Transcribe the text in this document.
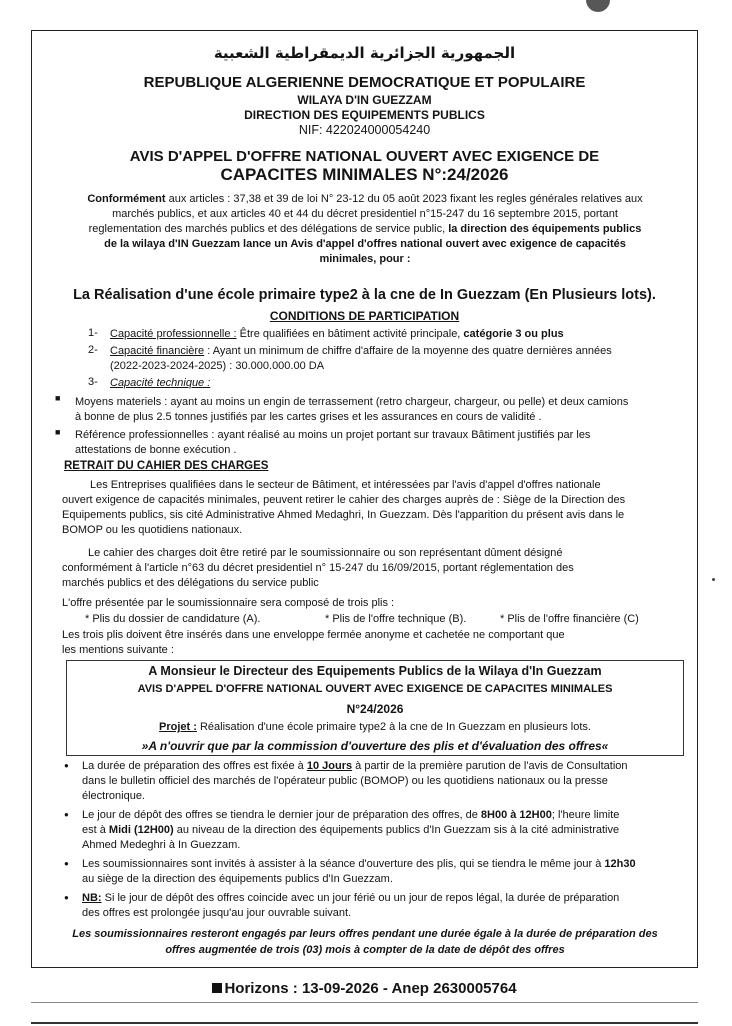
الجمهورية الجزائرية الديمقراطية الشعبية
REPUBLIQUE ALGERIENNE DEMOCRATIQUE ET POPULAIRE
WILAYA D'IN GUEZZAM
DIRECTION DES EQUIPEMENTS PUBLICS
NIF: 422024000054240
AVIS D'APPEL D'OFFRE NATIONAL OUVERT AVEC EXIGENCE DE
CAPACITES MINIMALES N°:24/2026
Conformément aux articles : 37,38 et 39 de loi N° 23-12 du 05 août 2023 fixant les regles générales relatives aux
marchés publics, et aux articles 40 et 44 du décret presidentiel n°15-247 du 16 septembre 2015, portant
reglementation des marchés publics et des délégations de service public, la direction des équipements publics
de la wilaya d'IN Guezzam lance un Avis d'appel d'offres national ouvert avec exigence de capacités
minimales, pour :
La Réalisation d'une école primaire type2 à la cne de In Guezzam (En Plusieurs lots).
CONDITIONS DE PARTICIPATION
1- Capacité professionnelle : Être qualifiées en bâtiment activité principale, catégorie 3 ou plus
2- Capacité financière : Ayant un minimum de chiffre d'affaire de la moyenne des quatre dernières années
(2022-2023-2024-2025) : 30.000.000.00 DA
3- Capacité technique :
■ Moyens materiels : ayant au moins un engin de terrassement (retro chargeur, chargeur, ou pelle) et deux camions
à bonne de plus 2.5 tonnes justifiés par les cartes grises et les assurances en cours de validité .
■ Référence professionnelles : ayant réalisé au moins un projet portant sur travaux Bâtiment justifiés par les
attestations de bonne exécution .
RETRAIT DU CAHIER DES CHARGES
Les Entreprises qualifiées dans le secteur de Bâtiment, et intéressées par l'avis d'appel d'offres nationale
ouvert exigence de capacités minimales, peuvent retirer le cahier des charges auprès de : Siège de la Direction des
Equipements publics, sis cité Administrative Ahmed Medaghri, In Guezzam. Dès l'apparition du présent avis dans le
BOMOP ou les quotidiens nationaux.
Le cahier des charges doit être retiré par le soumissionnaire ou son représentant dûment désigné
conformément à l'article n°63 du décret presidentiel n° 15-247 du 16/09/2015, portant réglementation des
marchés publics et des délégations du service public
L'offre présentée par le soumissionnaire sera composé de trois plis :
* Plis du dossier de candidature (A).	* Plis de l'offre technique (B).	* Plis de l'offre financière (C)
Les trois plis doivent être insérés dans une enveloppe fermée anonyme et cachetée ne comportant que
les mentions suivante :
A Monsieur le Directeur des Equipements Publics de la Wilaya d'In Guezzam
AVIS D'APPEL D'OFFRE NATIONAL OUVERT AVEC EXIGENCE DE CAPACITES MINIMALES
N°24/2026
Projet : Réalisation d'une école primaire type2 à la cne de In Guezzam en plusieurs lots.
»A n'ouvrir que par la commission d'ouverture des plis et d'évaluation des offres«
● La durée de préparation des offres est fixée à 10 Jours à partir de la première parution de l'avis de Consultation
dans le bulletin officiel des marchés de l'opérateur public (BOMOP) ou les quotidiens nationaux ou la presse
électronique.
● Le jour de dépôt des offres se tiendra le dernier jour de préparation des offres, de 8H00 à 12H00; l'heure limite
est à Midi (12H00) au niveau de la direction des équipements publics d'In Guezzam sis à la cité administrative
Ahmed Medeghri à In Guezzam.
● Les soumissionnaires sont invités à assister à la séance d'ouverture des plis, qui se tiendra le même jour à 12h30
au siège de la direction des équipements publics d'In Guezzam.
● NB: Si le jour de dépôt des offres coincide avec un jour férié ou un jour de repos légal, la durée de préparation
des offres est prolongée jusqu'au jour ouvrable suivant.
Les soumissionnaires resteront engagés par leurs offres pendant une durée égale à la durée de préparation des
offres augmentée de trois (03) mois à compter de la date de dépôt des offres
Horizons : 13-09-2026 - Anep 2630005764
